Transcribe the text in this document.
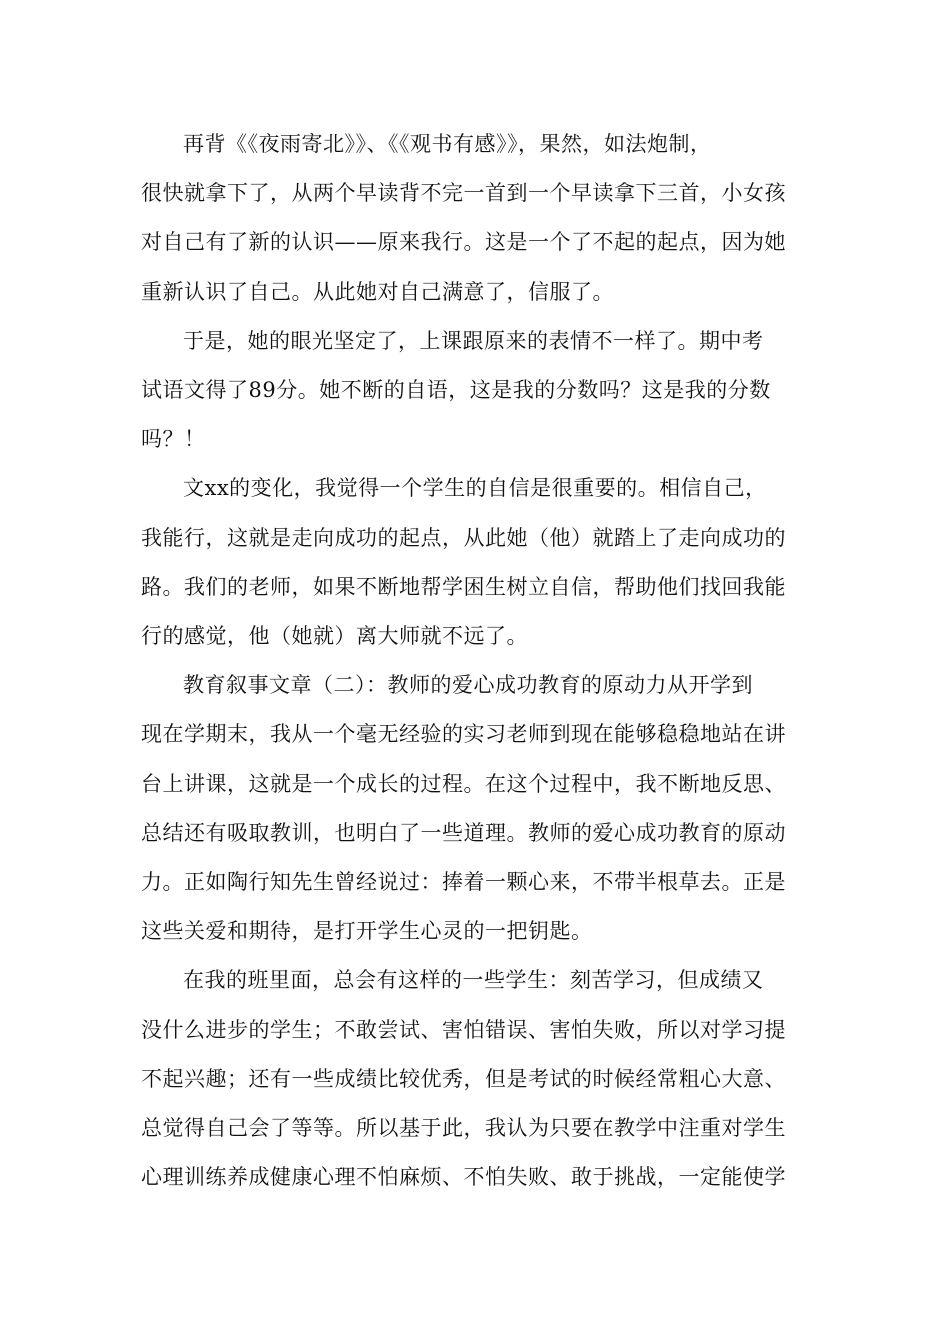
再背《《夜雨寄北》》、《《观书有感》》，果然，如法炮制，
很快就拿下了，从两个早读背不完一首到一个早读拿下三首，小女孩
对自己有了新的认识——原来我行。这是一个了不起的起点，因为她
重新认识了自己。从此她对自己满意了，信服了。

于是，她的眼光坚定了，上课跟原来的表情不一样了。期中考
试语文得了89分。她不断的自语，这是我的分数吗？这是我的分数
吗？！

文xx的变化，我觉得一个学生的自信是很重要的。相信自己，
我能行，这就是走向成功的起点，从此她（他）就踏上了走向成功的
路。我们的老师，如果不断地帮学困生树立自信，帮助他们找回我能
行的感觉，他（她就）离大师就不远了。

教育叙事文章（二）：教师的爱心成功教育的原动力从开学到
现在学期末，我从一个毫无经验的实习老师到现在能够稳稳地站在讲
台上讲课，这就是一个成长的过程。在这个过程中，我不断地反思、
总结还有吸取教训，也明白了一些道理。教师的爱心成功教育的原动
力。正如陶行知先生曾经说过：捧着一颗心来，不带半根草去。正是
这些关爱和期待，是打开学生心灵的一把钥匙。

在我的班里面，总会有这样的一些学生：刻苦学习，但成绩又
没什么进步的学生；不敢尝试、害怕错误、害怕失败，所以对学习提
不起兴趣；还有一些成绩比较优秀，但是考试的时候经常粗心大意、
总觉得自己会了等等。所以基于此，我认为只要在教学中注重对学生
心理训练养成健康心理不怕麻烦、不怕失败、敢于挑战，一定能使学
